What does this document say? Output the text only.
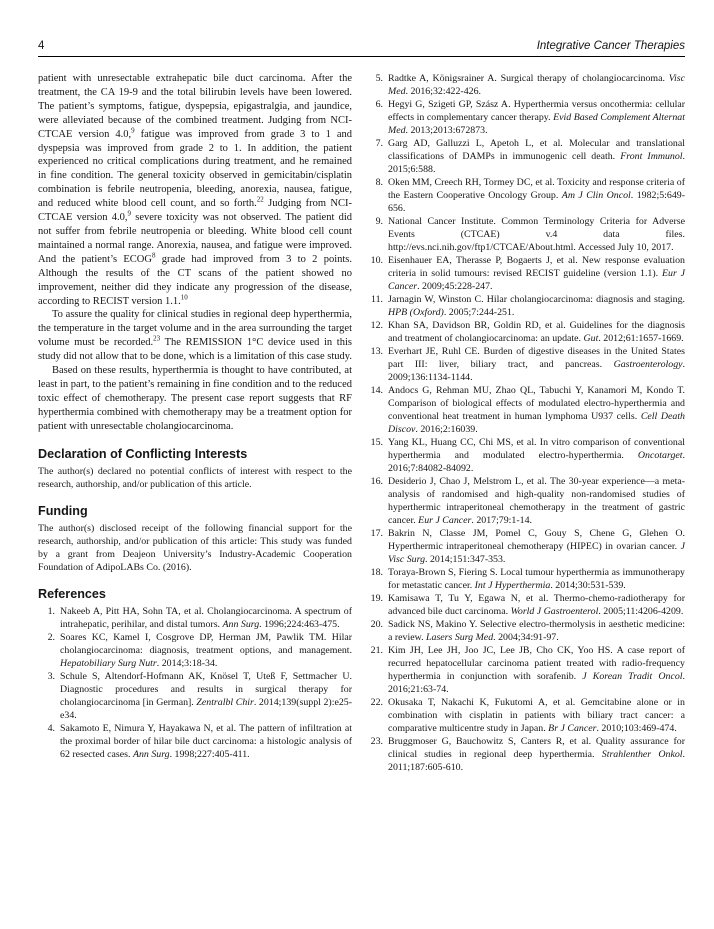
4	Integrative Cancer Therapies

patient with unresectable extrahepatic bile duct carcinoma. After the treatment, the CA 19-9 and the total bilirubin levels have been lowered. The patient’s symptoms, fatigue, dyspepsia, epigastralgia, and jaundice, were alleviated because of the combined treatment. Judging from NCI-CTCAE version 4.0,$^9$ fatigue was improved from grade 3 to 1 and dyspepsia was improved from grade 2 to 1. In addition, the patient experienced no critical complications during treatment, and he remained in fine condition. The general toxicity observed in gemicitabin/cisplatin combination is febrile neutropenia, bleeding, anorexia, nausea, fatigue, and reduced white blood cell count, and so forth.$^{22}$ Judging from NCI-CTCAE version 4.0,$^9$ severe toxicity was not observed. The patient did not suffer from febrile neutropenia or bleeding. White blood cell count maintained a normal range. Anorexia, nausea, and fatigue were improved. And the patient’s ECOG$^8$ grade had improved from 3 to 2 points. Although the results of the CT scans of the patient showed no improvement, neither did they indicate any progression of the disease, according to RECIST version 1.1.10

To assure the quality for clinical studies in regional deep hyperthermia, the temperature in the target volume and in the area surrounding the target volume must be recorded.$^{23}$ The REMISSION 1°C device used in this study did not allow that to be done, which is a limitation of this case study.

Based on these results, hyperthermia is thought to have contributed, at least in part, to the patient’s remaining in fine condition and to the reduced toxic effect of chemotherapy. The present case report suggests that RF hyperthermia combined with chemotherapy may be a treatment option for patient with unresectable cholangiocarcinoma.

Declaration of Conflicting Interests

The author(s) declared no potential conflicts of interest with respect to the research, authorship, and/or publication of this article.

Funding

The author(s) disclosed receipt of the following financial support for the research, authorship, and/or publication of this article: This study was funded by a grant from Deajeon University’s Industry-Academic Cooperation Foundation of AdipoLABs Co. (2016).

References
1. Nakeeb A, Pitt HA, Sohn TA, et al. Cholangiocarcinoma. A spectrum of intrahepatic, perihilar, and distal tumors. Ann Surg. 1996;224:463-475.
2. Soares KC, Kamel I, Cosgrove DP, Herman JM, Pawlik TM. Hilar cholangiocarcinoma: diagnosis, treatment options, and management. Hepatobiliary Surg Nutr. 2014;3:18-34.
3. Schule S, Altendorf-Hofmann AK, Knösel T, Uteß F, Settmacher U. Diagnostic procedures and results in surgical therapy for cholangiocarcinoma [in German]. Zentralbl Chir. 2014;139(suppl 2):e25-e34.
4. Sakamoto E, Nimura Y, Hayakawa N, et al. The pattern of infiltration at the proximal border of hilar bile duct carcinoma: a histologic analysis of 62 resected cases. Ann Surg. 1998;227:405-411.
5. Radtke A, Königsrainer A. Surgical therapy of cholangiocarcinoma. Visc Med. 2016;32:422-426.
6. Hegyi G, Szigeti GP, Szász A. Hyperthermia versus oncothermia: cellular effects in complementary cancer therapy. Evid Based Complement Alternat Med. 2013;2013:672873.
7. Garg AD, Galluzzi L, Apetoh L, et al. Molecular and translational classifications of DAMPs in immunogenic cell death. Front Immunol. 2015;6:588.
8. Oken MM, Creech RH, Tormey DC, et al. Toxicity and response criteria of the Eastern Cooperative Oncology Group. Am J Clin Oncol. 1982;5:649-656.
9. National Cancer Institute. Common Terminology Criteria for Adverse Events (CTCAE) v.4 data files. http://evs.nci.nih.gov/ftp1/CTCAE/About.html. Accessed July 10, 2017.
10. Eisenhauer EA, Therasse P, Bogaerts J, et al. New response evaluation criteria in solid tumours: revised RECIST guideline (version 1.1). Eur J Cancer. 2009;45:228-247.
11. Jarnagin W, Winston C. Hilar cholangiocarcinoma: diagnosis and staging. HPB (Oxford). 2005;7:244-251.
12. Khan SA, Davidson BR, Goldin RD, et al. Guidelines for the diagnosis and treatment of cholangiocarcinoma: an update. Gut. 2012;61:1657-1669.
13. Everhart JE, Ruhl CE. Burden of digestive diseases in the United States part III: liver, biliary tract, and pancreas. Gastroenterology. 2009;136:1134-1144.
14. Andocs G, Rehman MU, Zhao QL, Tabuchi Y, Kanamori M, Kondo T. Comparison of biological effects of modulated electro-hyperthermia and conventional heat treatment in human lymphoma U937 cells. Cell Death Discov. 2016;2:16039.
15. Yang KL, Huang CC, Chi MS, et al. In vitro comparison of conventional hyperthermia and modulated electro-hyperthermia. Oncotarget. 2016;7:84082-84092.
16. Desiderio J, Chao J, Melstrom L, et al. The 30-year experience—a meta-analysis of randomised and high-quality non-randomised studies of hyperthermic intraperitoneal chemotherapy in the treatment of gastric cancer. Eur J Cancer. 2017;79:1-14.
17. Bakrin N, Classe JM, Pomel C, Gouy S, Chene G, Glehen O. Hyperthermic intraperitoneal chemotherapy (HIPEC) in ovarian cancer. J Visc Surg. 2014;151:347-353.
18. Toraya-Brown S, Fiering S. Local tumour hyperthermia as immunotherapy for metastatic cancer. Int J Hyperthermia. 2014;30:531-539.
19. Kamisawa T, Tu Y, Egawa N, et al. Thermo-chemo-radiotherapy for advanced bile duct carcinoma. World J Gastroenterol. 2005;11:4206-4209.
20. Sadick NS, Makino Y. Selective electro-thermolysis in aesthetic medicine: a review. Lasers Surg Med. 2004;34:91-97.
21. Kim JH, Lee JH, Joo JC, Lee JB, Cho CK, Yoo HS. A case report of recurred hepatocellular carcinoma patient treated with radio-frequency hyperthermia in conjunction with sorafenib. J Korean Tradit Oncol. 2016;21:63-74.
22. Okusaka T, Nakachi K, Fukutomi A, et al. Gemcitabine alone or in combination with cisplatin in patients with biliary tract cancer: a comparative multicentre study in Japan. Br J Cancer. 2010;103:469-474.
23. Bruggmoser G, Bauchowitz S, Canters R, et al. Quality assurance for clinical studies in regional deep hyperthermia. Strahlenther Onkol. 2011;187:605-610.
